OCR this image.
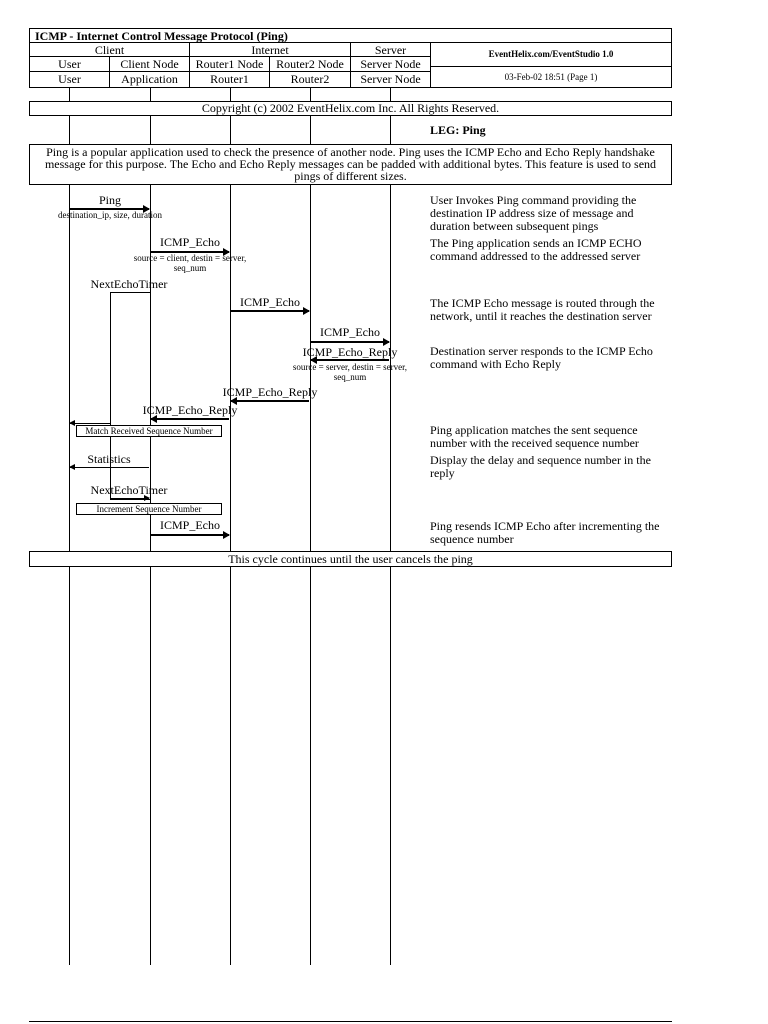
ICMP - Internet Control Message Protocol (Ping)
Client	Internet	Server
User	Client Node	Router1 Node	Router2 Node	Server Node
User	Application	Router1	Router2	Server Node
EventHelix.com/EventStudio 1.0
03-Feb-02 18:51 (Page 1)
Copyright (c) 2002 EventHelix.com Inc. All Rights Reserved.
LEG: Ping
Ping is a popular application used to check the presence of another node. Ping uses the ICMP Echo and Echo Reply handshake message for this purpose. The Echo and Echo Reply messages can be padded with additional bytes. This feature is used to send pings of different sizes.
Ping
destination_ip, size, duration
ICMP_Echo
source = client, destin = server,
seq_num
NextEchoTimer
ICMP_Echo
ICMP_Echo
ICMP_Echo_Reply
source = server, destin = server,
seq_num
ICMP_Echo_Reply
ICMP_Echo_Reply
Match Received Sequence Number
Statistics
NextEchoTimer
Increment Sequence Number
ICMP_Echo
User Invokes Ping command providing the destination IP address size of message and duration between subsequent pings
The Ping application sends an ICMP ECHO command addressed to the addressed server
The ICMP Echo message is routed through the network, until it reaches the destination server
Destination server responds to the ICMP Echo command with Echo Reply
Ping application matches the sent sequence number with the received sequence number
Display the delay and sequence number in the reply
Ping resends ICMP Echo after incrementing the sequence number
This cycle continues until the user cancels the ping
